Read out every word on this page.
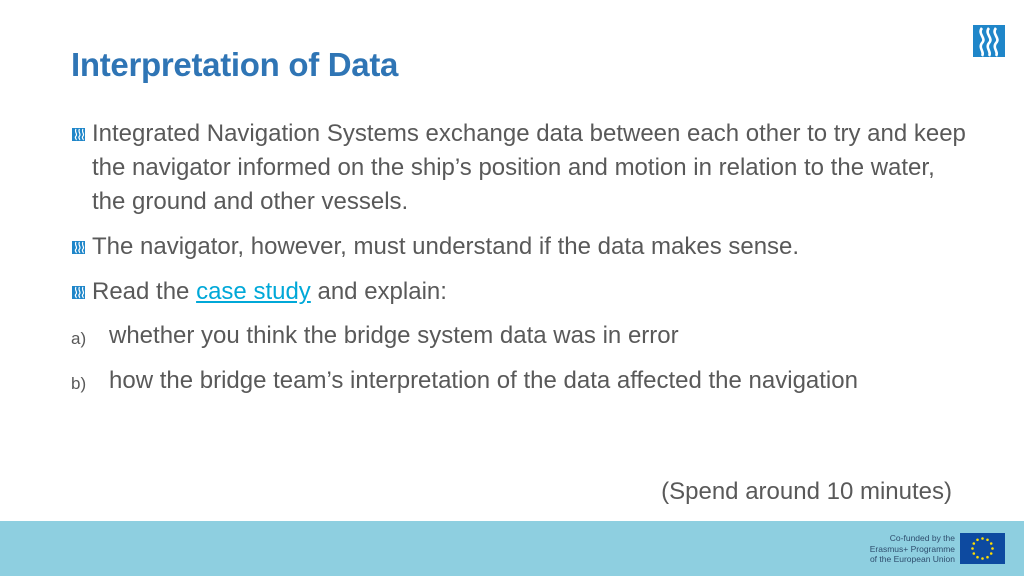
Interpretation of Data

Integrated Navigation Systems exchange data between each other to try and keep the navigator informed on the ship’s position and motion in relation to the water, the ground and other vessels.

The navigator, however, must understand if the data makes sense.

Read the case study and explain:

a) whether you think the bridge system data was in error
b) how the bridge team’s interpretation of the data affected the navigation
(Spend around 10 minutes)
Co-funded by the
Erasmus+ Programme
of the European Union
